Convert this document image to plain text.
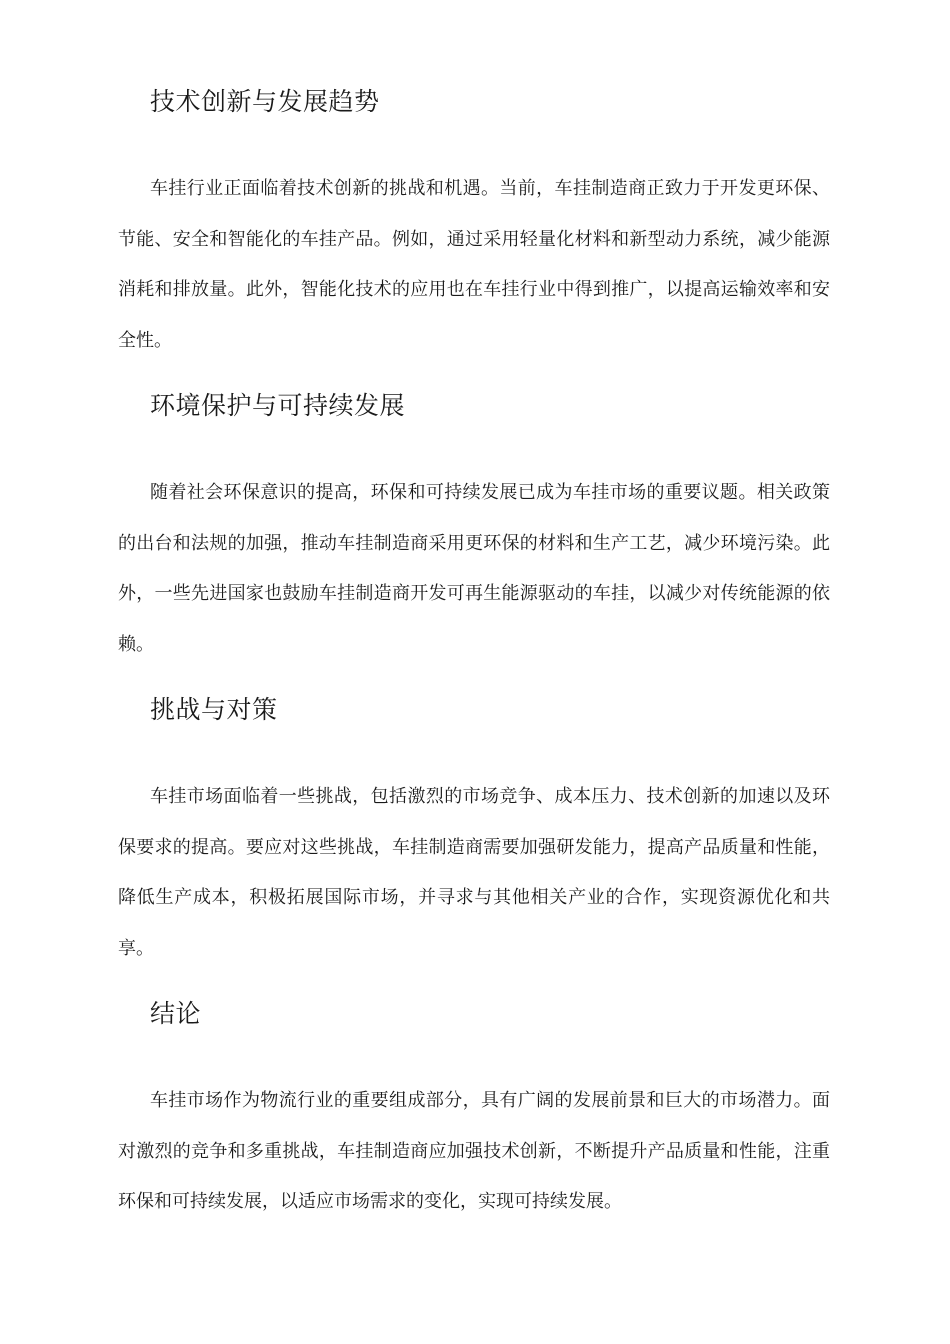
技术创新与发展趋势

车挂行业正面临着技术创新的挑战和机遇。当前，车挂制造商正致力于开发更环保、节能、安全和智能化的车挂产品。例如，通过采用轻量化材料和新型动力系统，减少能源消耗和排放量。此外，智能化技术的应用也在车挂行业中得到推广，以提高运输效率和安全性。

环境保护与可持续发展

随着社会环保意识的提高，环保和可持续发展已成为车挂市场的重要议题。相关政策的出台和法规的加强，推动车挂制造商采用更环保的材料和生产工艺，减少环境污染。此外，一些先进国家也鼓励车挂制造商开发可再生能源驱动的车挂，以减少对传统能源的依赖。

挑战与对策

车挂市场面临着一些挑战，包括激烈的市场竞争、成本压力、技术创新的加速以及环保要求的提高。要应对这些挑战，车挂制造商需要加强研发能力，提高产品质量和性能，降低生产成本，积极拓展国际市场，并寻求与其他相关产业的合作，实现资源优化和共享。

结论

车挂市场作为物流行业的重要组成部分，具有广阔的发展前景和巨大的市场潜力。面对激烈的竞争和多重挑战，车挂制造商应加强技术创新，不断提升产品质量和性能，注重环保和可持续发展，以适应市场需求的变化，实现可持续发展。
